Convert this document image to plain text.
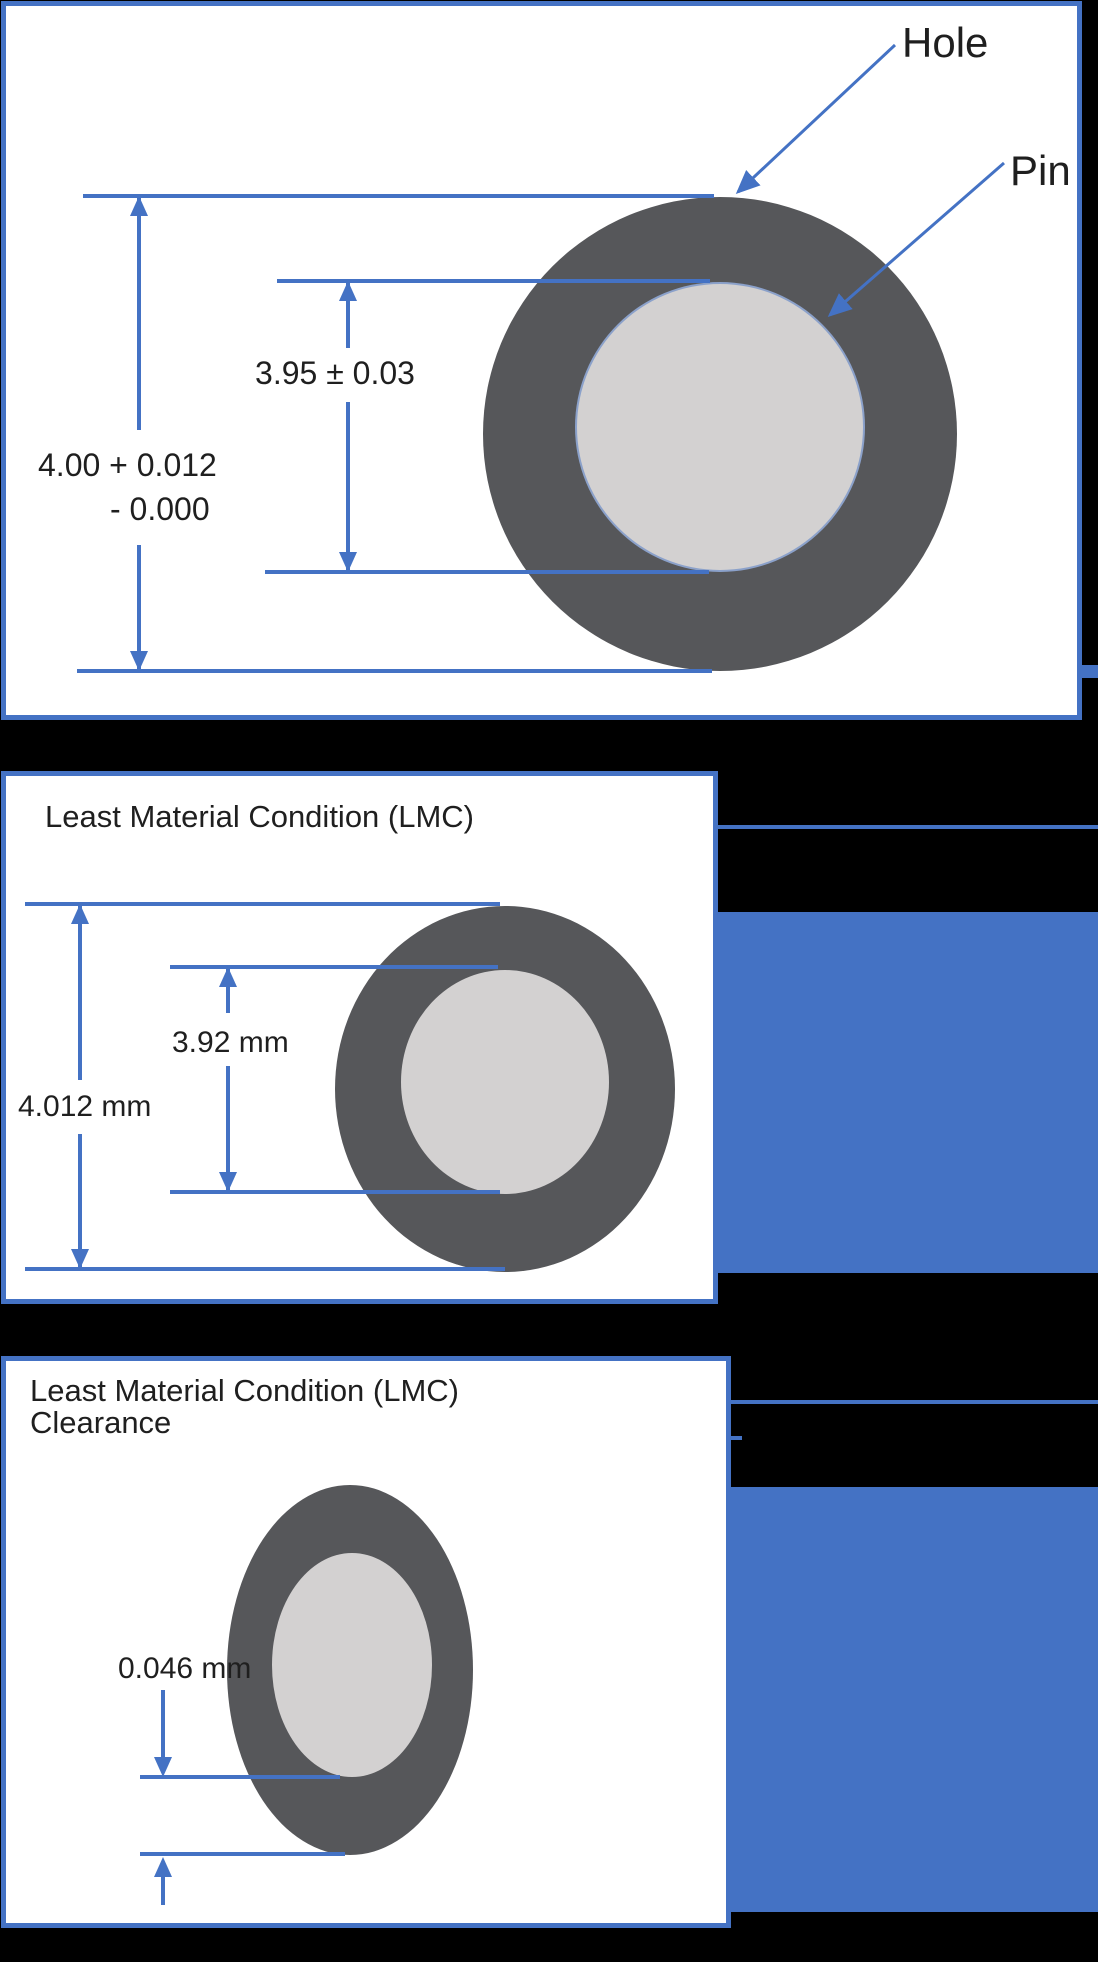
3.95 ± 0.03
4.00 + 0.012
- 0.000
Hole
Pin
Least Material Condition (LMC)
3.92 mm
4.012 mm
Least Material Condition (LMC)
Clearance
0.046 mm
